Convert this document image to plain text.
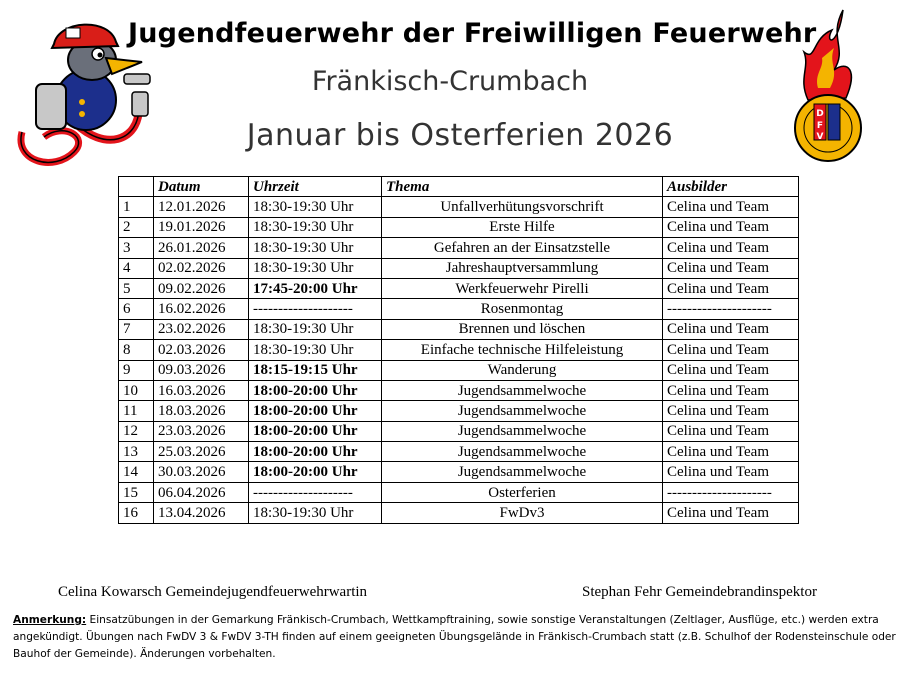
D
F
V
Jugendfeuerwehr der Freiwilligen Feuerwehr
Fränkisch-Crumbach
Januar bis Osterferien 2026
	Datum	Uhrzeit	Thema	Ausbilder
1	12.01.2026	18:30-19:30 Uhr	Unfallverhütungsvorschrift	Celina und Team
2	19.01.2026	18:30-19:30 Uhr	Erste Hilfe	Celina und Team
3	26.01.2026	18:30-19:30 Uhr	Gefahren an der Einsatzstelle	Celina und Team
4	02.02.2026	18:30-19:30 Uhr	Jahreshauptversammlung	Celina und Team
5	09.02.2026	17:45-20:00 Uhr	Werkfeuerwehr Pirelli	Celina und Team
6	16.02.2026	--------------------	Rosenmontag	---------------------
7	23.02.2026	18:30-19:30 Uhr	Brennen und löschen	Celina und Team
8	02.03.2026	18:30-19:30 Uhr	Einfache technische Hilfeleistung	Celina und Team
9	09.03.2026	18:15-19:15 Uhr	Wanderung	Celina und Team
10	16.03.2026	18:00-20:00 Uhr	Jugendsammelwoche	Celina und Team
11	18.03.2026	18:00-20:00 Uhr	Jugendsammelwoche	Celina und Team
12	23.03.2026	18:00-20:00 Uhr	Jugendsammelwoche	Celina und Team
13	25.03.2026	18:00-20:00 Uhr	Jugendsammelwoche	Celina und Team
14	30.03.2026	18:00-20:00 Uhr	Jugendsammelwoche	Celina und Team
15	06.04.2026	--------------------	Osterferien	---------------------
16	13.04.2026	18:30-19:30 Uhr	FwDv3	Celina und Team
Celina Kowarsch Gemeindejugendfeuerwehrwartin	Stephan Fehr Gemeindebrandinspektor
Anmerkung: Einsatzübungen in der Gemarkung Fränkisch-Crumbach, Wettkampftraining, sowie sonstige Veranstaltungen (Zeltlager, Ausflüge, etc.) werden extra angekündigt. Übungen nach FwDV 3 & FwDV 3-TH finden auf einem geeigneten Übungsgelände in Fränkisch-Crumbach statt (z.B. Schulhof der Rodensteinschule oder Bauhof der Gemeinde). Änderungen vorbehalten.
